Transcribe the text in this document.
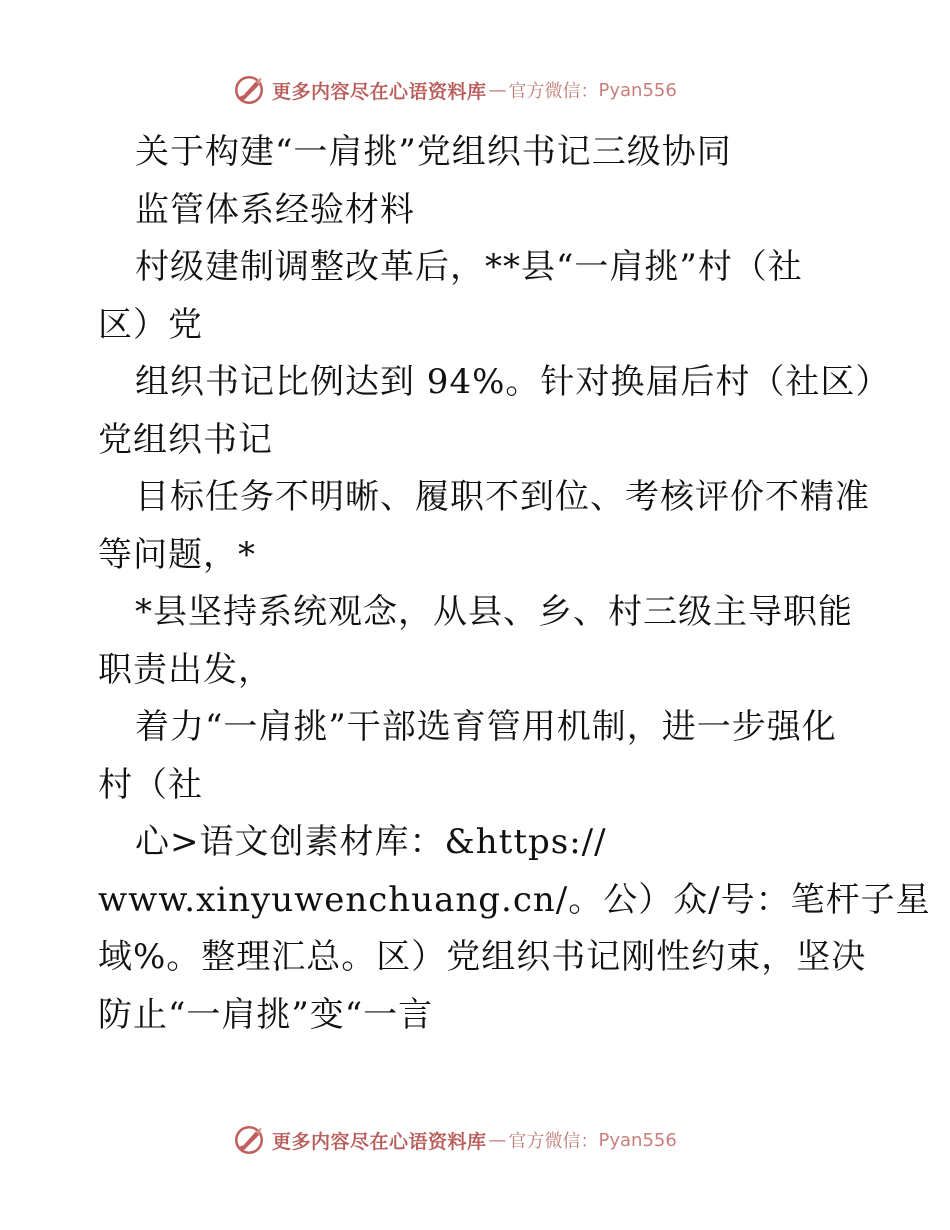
更多内容尽在心语资料库 — 官方微信： Pyan556
关于构建“一肩挑”党组织书记三级协同
监管体系经验材料
村级建制调整改革后，**县“一肩挑”村（社
区）党
组织书记比例达到 94%。针对换届后村（社区）
党组织书记
目标任务不明晰、履职不到位、考核评价不精准
等问题，*
*县坚持系统观念，从县、乡、村三级主导职能
职责出发，
着力“一肩挑”干部选育管用机制，进一步强化
村（社
心>语文创素材库：&https://
www.xinyuwenchuang.cn/。公）众/号：笔杆子星
域%。整理汇总。区）党组织书记刚性约束，坚决
防止“一肩挑”变“一言
更多内容尽在心语资料库 — 官方微信： Pyan556
